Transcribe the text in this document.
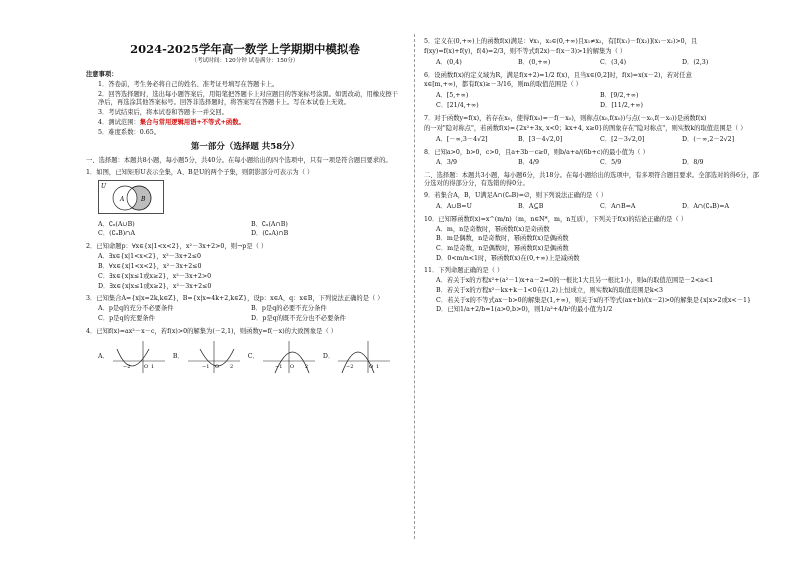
2024-2025学年高一数学上学期期中模拟卷
（考试时间：120分钟 试卷满分：150分）
注意事项：
1．答卷前，考生务必将自己的姓名、准考证号填写在答题卡上。
2．回答选择题时，选出每小题答案后，用铅笔把答题卡上对应题目的答案标号涂黑。如需改动，用橡皮擦干净后，再选涂其他答案标号。回答非选择题时，将答案写在答题卡上。写在本试卷上无效。
3．考试结束后，将本试卷和答题卡一并交回。
4．测试范围：集合与常用逻辑用语+不等式+函数。
5．难度系数：0.65。
第一部分（选择题 共58分）
一、选择题：本题共8小题，每小题5分，共40分。在每小题给出的四个选项中，只有一项是符合题目要求的。
1．如图，已知矩形U表示全集，A、B是U的两个子集，则阴影部分可表示为（ ）
U
A	B
A．∁ᵤ(A∪B)	B．∁ᵤ(A∩B)
C．(∁ᵤB)∩A	D．(∁ᵤA)∩B
2．已知命题p：∀x∈{x|1<x<2}，x²－3x+2>0，则¬p是（ ）
A．∃x∈{x|1<x<2}，x²－3x+2≤0
B．∀x∈{x|1<x<2}，x²－3x+2≤0
C．∃x∈{x|x≤1或x≥2}，x²－3x+2>0
D．∃x∈{x|x≤1或x≥2}，x²－3x+2≤0
3．已知集合A={x|x=2k,k∈Z}，B={x|x=4k+2,k∈Z}，设p：x∈A，q：x∈B，下列说法正确的是（ ）
A．p是q的充分不必要条件	B．p是q的必要不充分条件
C．p是q的充要条件	D．p是q的既不充分也不必要条件
4．已知f(x)=ax²－x－c，若f(x)>0的解集为(－2,1)，则函数y=f(－x)的大致图象是（ ）
A．
−2	O 1
B．
−1 O 2
C．
−1 O 2
D．
−2	O 1
5．定义在(0,+∞)上的函数f(x)满足：∀x₁，x₂∈(0,+∞)且x₁≠x₂，有[f(x₁)－f(x₂)](x₁－x₂)>0，且
f(xy)=f(x)+f(y)，f(4)=2/3，则不等式f(2x)－f(x－3)>1的解集为（ ）
A．(0,4)	B．(0,+∞)	C．(3,4)	D．(2,3)
6．设函数f(x)的定义域为R，满足f(x+2)=1/2 f(x)，且当x∈(0,2]时，f(x)=x(x－2)，若对任意
x∈[m,+∞)，都有f(x)≥－3/16，则m的取值范围是（ ）
A．[5,+∞)	B．[9/2,+∞)
C．[21/4,+∞)	D．[11/2,+∞)
7．对于函数y=f(x)，若存在x₀，使得f(x₀)=－f(－x₀)，则称点(x₀,f(x₀))与点(－x₀,f(－x₀))是函数f(x)
的一对"隐对称点"，若函数f(x)={2x²+3x, x<0；kx+4, x≥0}的图象存在"隐对称点"，则实数k的取值范围是（ ）
A．[－∞,3－4√2]	B．[3－4√2,0]	C．[2－3√2,0]	D．(－∞,2－2√2]
8．已知a>0，b>0，c>0，且a+3b－c≥0，则b/a+a/(6b+c)的最小值为（ ）
A．3/9	B．4/9	C．5/9	D．8/9
二、选择题：本题共3小题，每小题6分，共18分。在每小题给出的选项中，有多项符合题目要求。全部选对的得6分，部分选对的得部分分，有选错的得0分。
9．若集合A，B，U满足A∩(∁ᵤB)=∅，则下列说法正确的是（ ）
A．A∪B=U	B．A⊆B	C．A∩B=A	D．A∩(∁ᵤB)=A
10．已知幂函数f(x)=x^(m/n)（m，n∈N*，m，n互质），下列关于f(x)的结论正确的是（ ）
A．m，n是奇数时，幂函数f(x)是奇函数
B．m是偶数，n是奇数时，幂函数f(x)是偶函数
C．m是奇数，n是偶数时，幂函数f(x)是偶函数
D．0<m/n<1时，幂函数f(x)在(0,+∞)上是减函数
11．下列命题正确的是（ ）
A．若关于x的方程x²+(a²－1)x+a－2=0的一根比1大且另一根比1小，则a的取值范围是－2<a<1
B．若关于x的方程x²－kx+k－1<0在(1,2)上恒成立，则实数k的取值范围是k<3
C．若关于x的不等式ax－b>0的解集是(1,+∞)，则关于x的不等式(ax+b)/(x－2)>0的解集是{x|x>2或x<－1}
D．已知1/a+2/b=1(a>0,b>0)，则1/a²+4/b²的最小值为1/2
